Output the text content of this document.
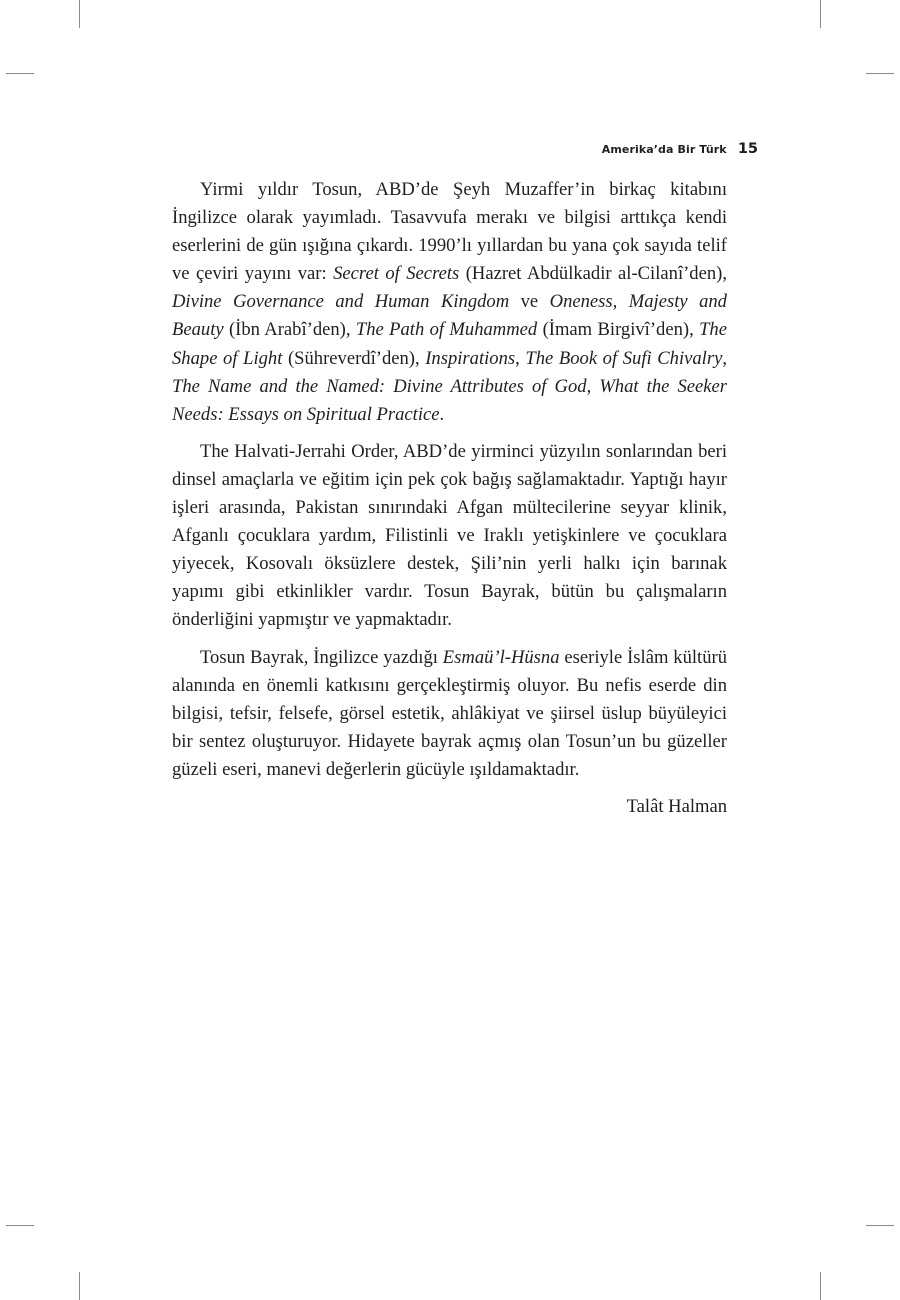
Amerika’da Bir Türk 15

Yirmi yıldır Tosun, ABD’de Şeyh Muzaffer’in birkaç kitabını İngilizce olarak yayımladı. Tasavvufa merakı ve bilgisi arttıkça kendi eserlerini de gün ışığına çıkardı. 1990’lı yıllardan bu yana çok sayıda telif ve çeviri yayını var: Secret of Secrets (Hazret Abdülkadir al-Cilanî’den), Divine Governance and Human Kingdom ve Oneness, Majesty and Beauty (İbn Arabî’den), The Path of Muhammed (İmam Birgivî’den), The Shape of Light (Sühreverdî’den), Inspirations, The Book of Sufi Chivalry, The Name and the Named: Divine Attributes of God, What the Seeker Needs: Essays on Spiritual Practice.

The Halvati-Jerrahi Order, ABD’de yirminci yüzyılın sonlarından beri dinsel amaçlarla ve eğitim için pek çok bağış sağlamaktadır. Yaptığı hayır işleri arasında, Pakistan sınırındaki Afgan mültecilerine seyyar klinik, Afganlı çocuklara yardım, Filistinli ve Iraklı yetişkinlere ve çocuklara yiyecek, Kosovalı öksüzlere destek, Şili’nin yerli halkı için barınak yapımı gibi etkinlikler vardır. Tosun Bayrak, bütün bu çalışmaların önderliğini yapmıştır ve yapmaktadır.

Tosun Bayrak, İngilizce yazdığı Esmaü’l-Hüsna eseriyle İslâm kültürü alanında en önemli katkısını gerçekleştirmiş oluyor. Bu nefis eserde din bilgisi, tefsir, felsefe, görsel estetik, ahlâkiyat ve şiirsel üslup büyüleyici bir sentez oluşturuyor. Hidayete bayrak açmış olan Tosun’un bu güzeller güzeli eseri, manevi değerlerin gücüyle ışıldamaktadır.

Talât Halman
